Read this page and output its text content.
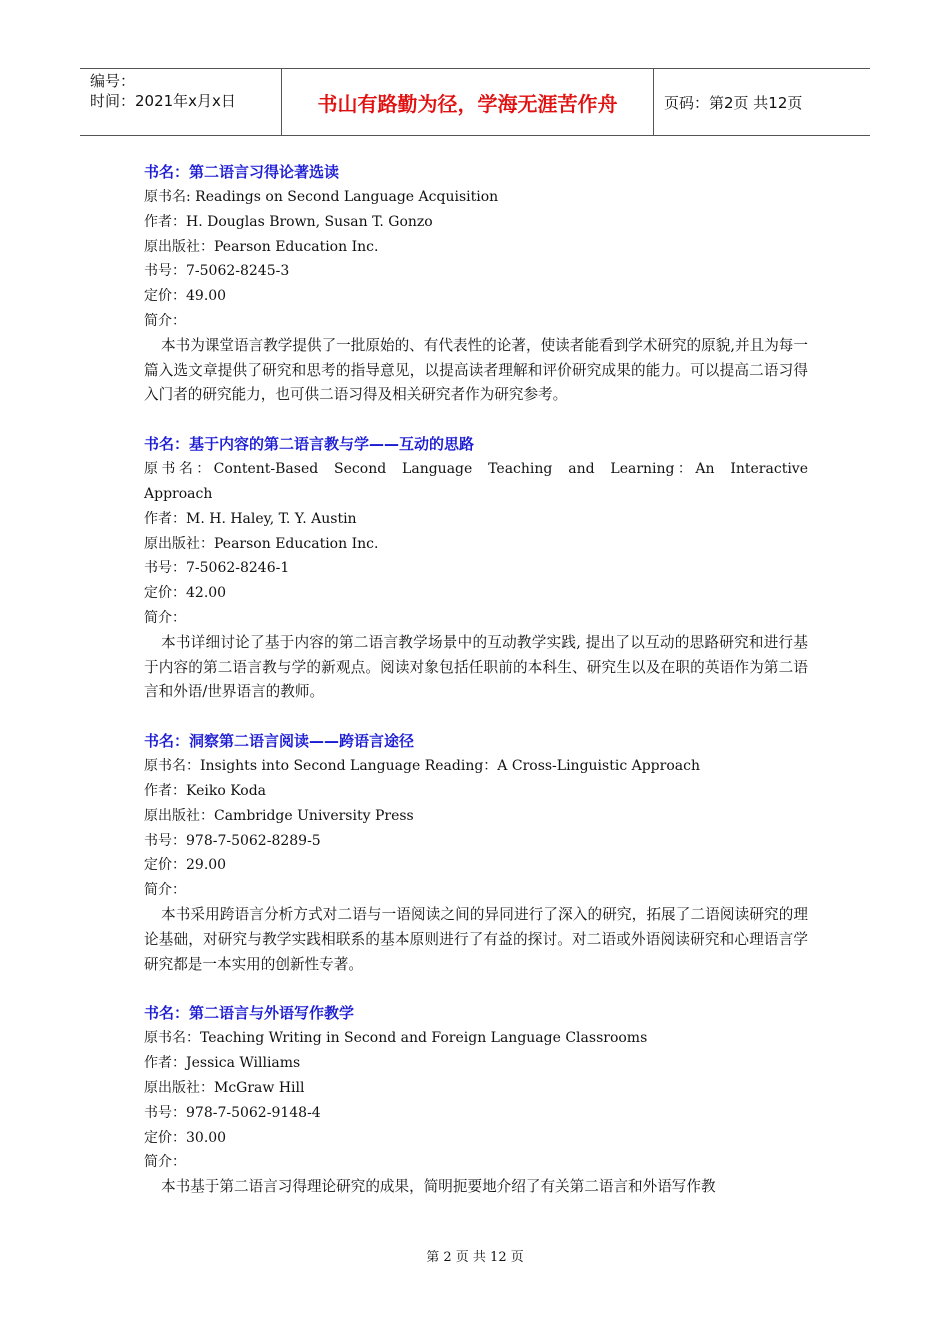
编号：
时间：2021年x月x日	书山有路勤为径，学海无涯苦作舟	页码：第2页 共12页
书名：第二语言习得论著选读
原书名: Readings on Second Language Acquisition
作者：H. Douglas Brown, Susan T. Gonzo
原出版社：Pearson Education Inc.
书号：7-5062-8245-3
定价：49.00
简介：

本书为课堂语言教学提供了一批原始的、有代表性的论著，使读者能看到学术研究的原貌,并且为每一篇入选文章提供了研究和思考的指导意见，以提高读者理解和评价研究成果的能力。可以提高二语习得入门者的研究能力，也可供二语习得及相关研究者作为研究参考。

书名：基于内容的第二语言教与学——互动的思路
原书名：Content-Based Second Language Teaching and Learning：An Interactive Approach
作者：M. H. Haley, T. Y. Austin
原出版社：Pearson Education Inc.
书号：7-5062-8246-1
定价：42.00
简介：

本书详细讨论了基于内容的第二语言教学场景中的互动教学实践, 提出了以互动的思路研究和进行基于内容的第二语言教与学的新观点。阅读对象包括任职前的本科生、研究生以及在职的英语作为第二语言和外语/世界语言的教师。

书名：洞察第二语言阅读——跨语言途径
原书名：Insights into Second Language Reading：A Cross-Linguistic Approach
作者：Keiko Koda
原出版社：Cambridge University Press
书号：978-7-5062-8289-5
定价：29.00
简介：

本书采用跨语言分析方式对二语与一语阅读之间的异同进行了深入的研究，拓展了二语阅读研究的理论基础，对研究与教学实践相联系的基本原则进行了有益的探讨。对二语或外语阅读研究和心理语言学研究都是一本实用的创新性专著。

书名：第二语言与外语写作教学
原书名：Teaching Writing in Second and Foreign Language Classrooms
作者：Jessica Williams
原出版社：McGraw Hill
书号：978-7-5062-9148-4
定价：30.00
简介：

本书基于第二语言习得理论研究的成果，简明扼要地介绍了有关第二语言和外语写作教

第 2 页 共 12 页
